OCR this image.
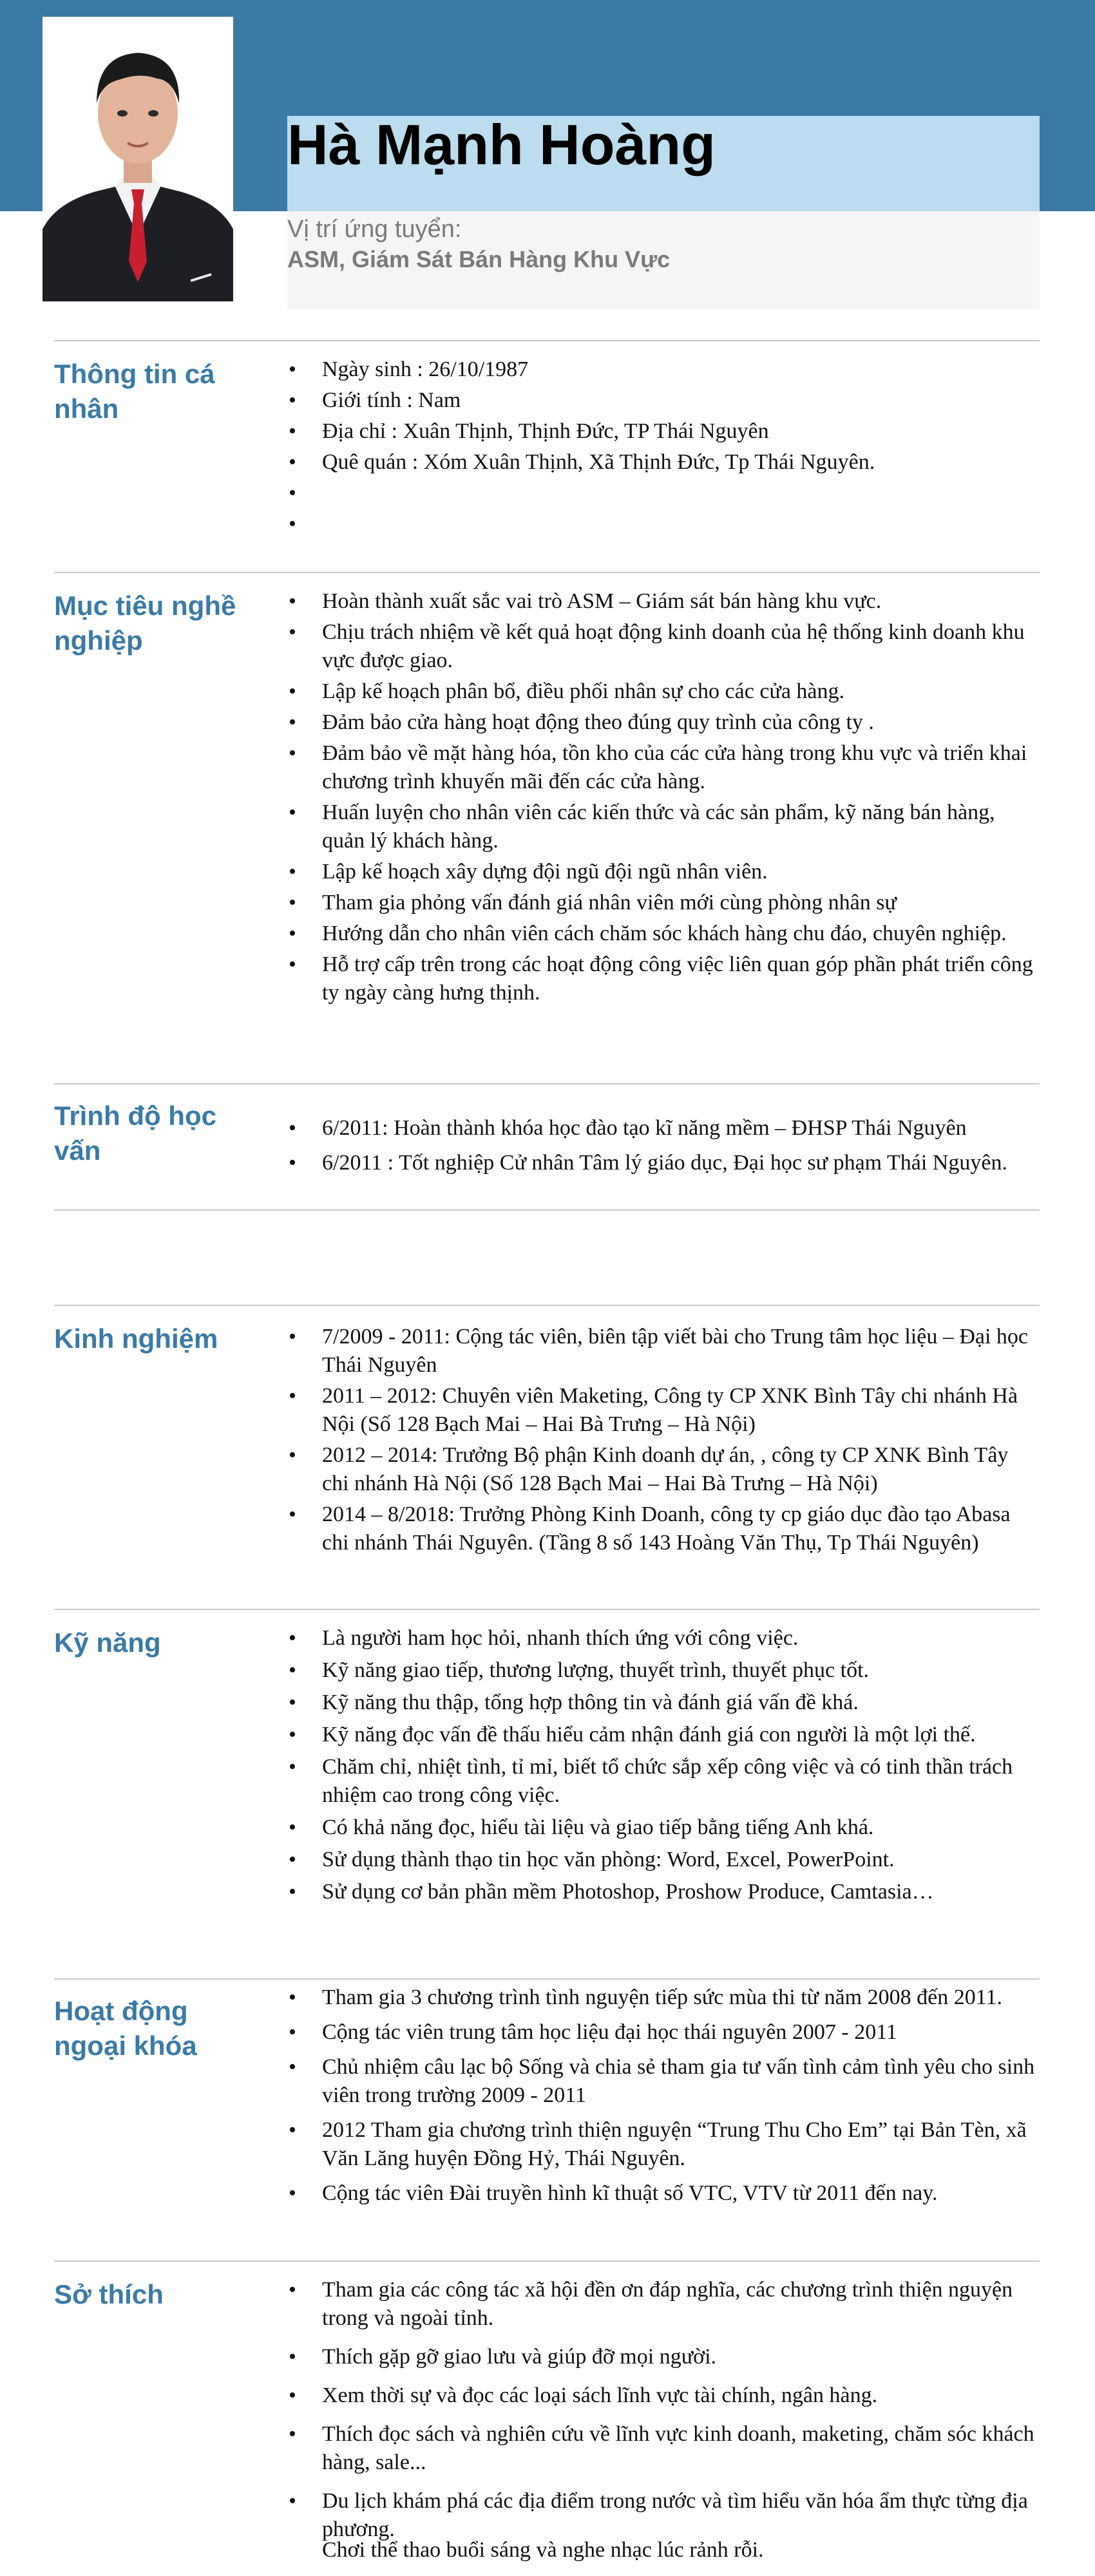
Hà Mạnh Hoàng
Vị trí ứng tuyển:
ASM, Giám Sát Bán Hàng Khu Vực
Thông tin cá nhân
• Ngày sinh : 26/10/1987
• Giới tính : Nam
• Địa chỉ : Xuân Thịnh, Thịnh Đức, TP Thái Nguyên
• Quê quán : Xóm Xuân Thịnh, Xã Thịnh Đức, Tp Thái Nguyên.
•
•
Mục tiêu nghề nghiệp
• Hoàn thành xuất sắc vai trò ASM – Giám sát bán hàng khu vực.
• Chịu trách nhiệm về kết quả hoạt động kinh doanh của hệ thống kinh doanh khu vực được giao.
• Lập kế hoạch phân bổ, điều phối nhân sự cho các cửa hàng.
• Đảm bảo cửa hàng hoạt động theo đúng quy trình của công ty .
• Đảm bảo về mặt hàng hóa, tồn kho của các cửa hàng trong khu vực và triển khai chương trình khuyến mãi đến các cửa hàng.
• Huấn luyện cho nhân viên các kiến thức và các sản phẩm, kỹ năng bán hàng, quản lý khách hàng.
• Lập kế hoạch xây dựng đội ngũ đội ngũ nhân viên.
• Tham gia phỏng vấn đánh giá nhân viên mới cùng phòng nhân sự
• Hướng dẫn cho nhân viên cách chăm sóc khách hàng chu đáo, chuyên nghiệp.
• Hỗ trợ cấp trên trong các hoạt động công việc liên quan góp phần phát triển công ty ngày càng hưng thịnh.
Trình độ học vấn
• 6/2011: Hoàn thành khóa học đào tạo kĩ năng mềm – ĐHSP Thái Nguyên
• 6/2011 : Tốt nghiệp Cử nhân Tâm lý giáo dục, Đại học sư phạm Thái Nguyên.
Kinh nghiệm	• 7/2009 - 2011: Cộng tác viên, biên tập viết bài cho Trung tâm học liệu – Đại học Thái Nguyên
• 2011 – 2012: Chuyên viên Maketing, Công ty CP XNK Bình Tây chi nhánh Hà Nội (Số 128 Bạch Mai – Hai Bà Trưng – Hà Nội)
• 2012 – 2014: Trưởng Bộ phận Kinh doanh dự án, , công ty CP XNK Bình Tây chi nhánh Hà Nội (Số 128 Bạch Mai – Hai Bà Trưng – Hà Nội)
• 2014 – 8/2018: Trưởng Phòng Kinh Doanh, công ty cp giáo dục đào tạo Abasa chi nhánh Thái Nguyên. (Tầng 8 số 143 Hoàng Văn Thụ, Tp Thái Nguyên)
Kỹ năng	• Là người ham học hỏi, nhanh thích ứng với công việc.
• Kỹ năng giao tiếp, thương lượng, thuyết trình, thuyết phục tốt.
• Kỹ năng thu thập, tổng hợp thông tin và đánh giá vấn đề khá.
• Kỹ năng đọc vấn đề thấu hiểu cảm nhận đánh giá con người là một lợi thế.
• Chăm chỉ, nhiệt tình, tỉ mỉ, biết tổ chức sắp xếp công việc và có tinh thần trách nhiệm cao trong công việc.
• Có khả năng đọc, hiểu tài liệu và giao tiếp bằng tiếng Anh khá.
• Sử dụng thành thạo tin học văn phòng: Word, Excel, PowerPoint.
• Sử dụng cơ bản phần mềm Photoshop, Proshow Produce, Camtasia…
Hoạt động ngoại khóa
• Tham gia 3 chương trình tình nguyện tiếp sức mùa thi từ năm 2008 đến 2011.
• Cộng tác viên trung tâm học liệu đại học thái nguyên 2007 - 2011
• Chủ nhiệm câu lạc bộ Sống và chia sẻ tham gia tư vấn tình cảm tình yêu cho sinh viên trong trường 2009 - 2011
• 2012 Tham gia chương trình thiện nguyện “Trung Thu Cho Em” tại Bản Tèn, xã Văn Lăng huyện Đồng Hỷ, Thái Nguyên.
• Cộng tác viên Đài truyền hình kĩ thuật số VTC, VTV từ 2011 đến nay.
Sở thích	• Tham gia các công tác xã hội đền ơn đáp nghĩa, các chương trình thiện nguyện trong và ngoài tỉnh.
• Thích gặp gỡ giao lưu và giúp đỡ mọi người.
• Xem thời sự và đọc các loại sách lĩnh vực tài chính, ngân hàng.
• Thích đọc sách và nghiên cứu về lĩnh vực kinh doanh, maketing, chăm sóc khách hàng, sale...
• Du lịch khám phá các địa điểm trong nước và tìm hiểu văn hóa ẩm thực từng địa phương.
Chơi thể thao buổi sáng và nghe nhạc lúc rảnh rỗi.
